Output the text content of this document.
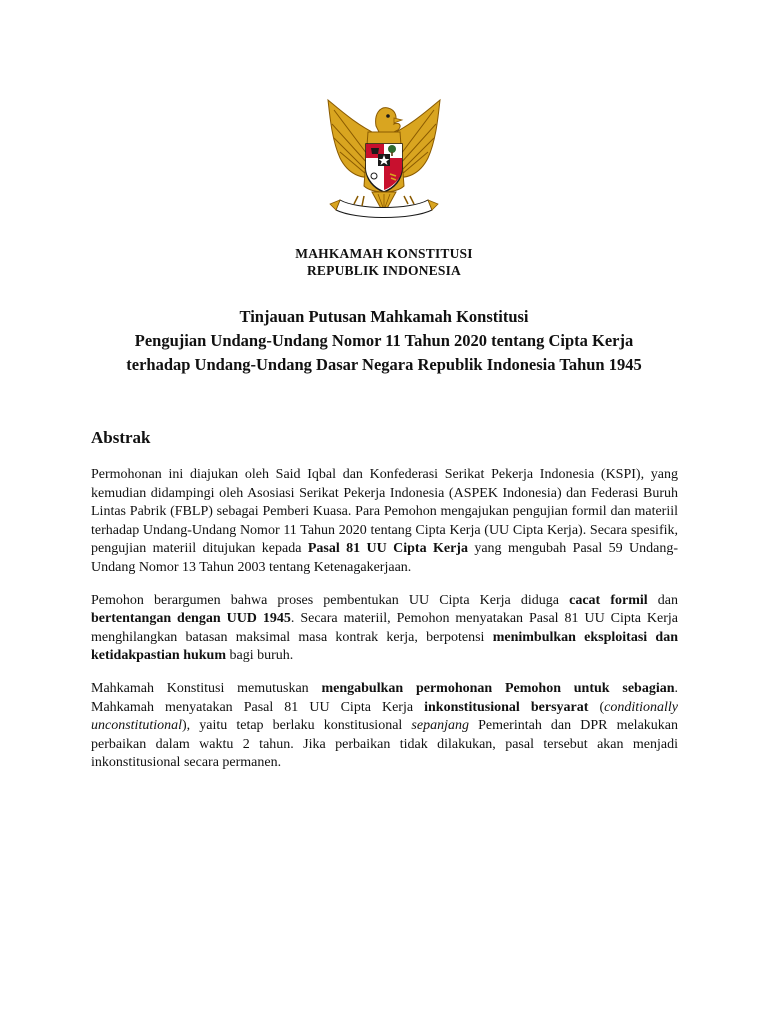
MAHKAMAH KONSTITUSI
REPUBLIK INDONESIA
Tinjauan Putusan Mahkamah Konstitusi
Pengujian Undang-Undang Nomor 11 Tahun 2020 tentang Cipta Kerja
terhadap Undang-Undang Dasar Negara Republik Indonesia Tahun 1945
Abstrak

Permohonan ini diajukan oleh Said Iqbal dan Konfederasi Serikat Pekerja Indonesia (KSPI), yang kemudian didampingi oleh Asosiasi Serikat Pekerja Indonesia (ASPEK Indonesia) dan Federasi Buruh Lintas Pabrik (FBLP) sebagai Pemberi Kuasa. Para Pemohon mengajukan pengujian formil dan materiil terhadap Undang-Undang Nomor 11 Tahun 2020 tentang Cipta Kerja (UU Cipta Kerja). Secara spesifik, pengujian materiil ditujukan kepada Pasal 81 UU Cipta Kerja yang mengubah Pasal 59 Undang-Undang Nomor 13 Tahun 2003 tentang Ketenagakerjaan.

Pemohon berargumen bahwa proses pembentukan UU Cipta Kerja diduga cacat formil dan bertentangan dengan UUD 1945. Secara materiil, Pemohon menyatakan Pasal 81 UU Cipta Kerja menghilangkan batasan maksimal masa kontrak kerja, berpotensi menimbulkan eksploitasi dan ketidakpastian hukum bagi buruh.

Mahkamah Konstitusi memutuskan mengabulkan permohonan Pemohon untuk sebagian. Mahkamah menyatakan Pasal 81 UU Cipta Kerja inkonstitusional bersyarat (conditionally unconstitutional), yaitu tetap berlaku konstitusional sepanjang Pemerintah dan DPR melakukan perbaikan dalam waktu 2 tahun. Jika perbaikan tidak dilakukan, pasal tersebut akan menjadi inkonstitusional secara permanen.
